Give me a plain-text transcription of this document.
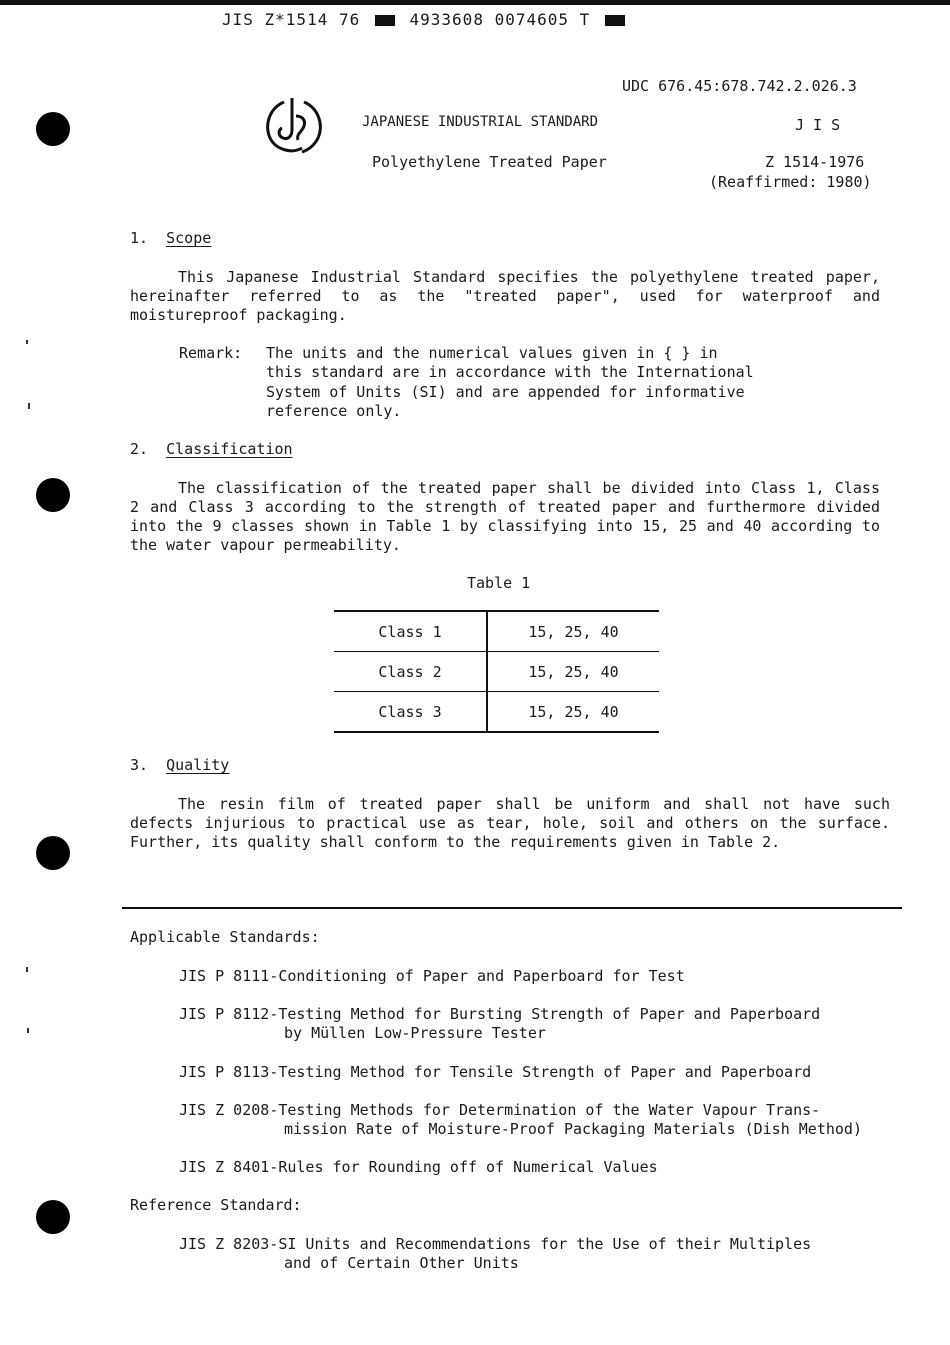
JIS Z*1514 76	4933608 0074605 T
UDC 676.45:678.742.2.026.3
JAPANESE INDUSTRIAL STANDARD	J I S
Polyethylene Treated Paper	Z 1514-1976
(Reaffirmed: 1980)
1. Scope
This Japanese Industrial Standard specifies the polyethylene treated paper, hereinafter referred to as the "treated paper", used for waterproof and moistureproof packaging.
Remark: The units and the numerical values given in { } in
this standard are in accordance with the International
System of Units (SI) and are appended for informative
reference only.
2. Classification
The classification of the treated paper shall be divided into Class 1, Class 2 and Class 3 according to the strength of treated paper and furthermore divided into the 9 classes shown in Table 1 by classifying into 15, 25 and 40 according to the water vapour permeability.
Table 1
Class 1	15, 25, 40
Class 2	15, 25, 40
Class 3	15, 25, 40
3. Quality
The resin film of treated paper shall be uniform and shall not have such defects injurious to practical use as tear, hole, soil and others on the surface. Further, its quality shall conform to the requirements given in Table 2.
Applicable Standards:
JIS P 8111-Conditioning of Paper and Paperboard for Test
JIS P 8112-Testing Method for Bursting Strength of Paper and Paperboard
by Müllen Low-Pressure Tester
JIS P 8113-Testing Method for Tensile Strength of Paper and Paperboard
JIS Z 0208-Testing Methods for Determination of the Water Vapour Trans-
mission Rate of Moisture-Proof Packaging Materials (Dish Method)
JIS Z 8401-Rules for Rounding off of Numerical Values
Reference Standard:
JIS Z 8203-SI Units and Recommendations for the Use of their Multiples
and of Certain Other Units
